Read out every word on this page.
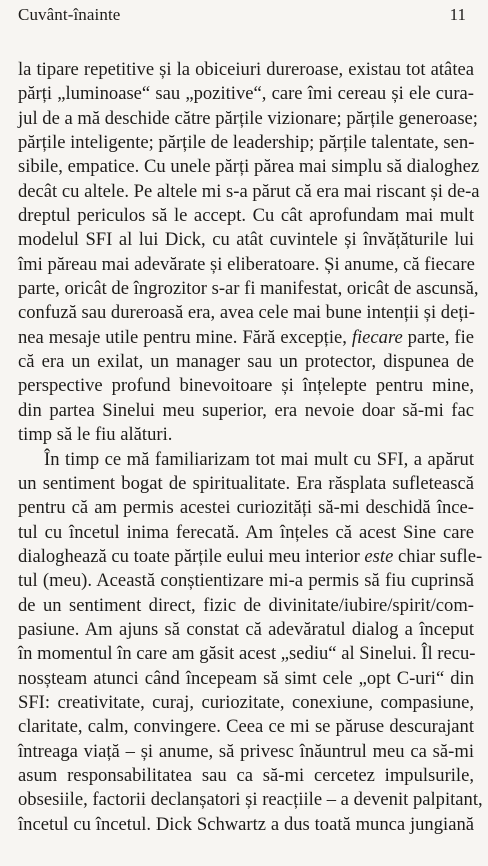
Cuvânt-înainte	11

la tipare repetitive și la obiceiuri dureroase, existau tot atâtea
părți „luminoase“ sau „pozitive“, care îmi cereau și ele cura-
jul de a mă deschide către părțile vizionare; părțile generoase;
părțile inteligente; părțile de leadership; părțile talentate, sen-
sibile, empatice. Cu unele părți părea mai simplu să dialoghez
decât cu altele. Pe altele mi s-a părut că era mai riscant și de-a
dreptul periculos să le accept. Cu cât aprofundam mai mult
modelul SFI al lui Dick, cu atât cuvintele și învățăturile lui
îmi păreau mai adevărate și eliberatoare. Și anume, că fiecare
parte, oricât de îngrozitor s-ar fi manifestat, oricât de ascunsă,
confuză sau dureroasă era, avea cele mai bune intenții și deți-
nea mesaje utile pentru mine. Fără excepție, fiecare parte, fie
că era un exilat, un manager sau un protector, dispunea de
perspective profund binevoitoare și înțelepte pentru mine,
din partea Sinelui meu superior, era nevoie doar să-mi fac
timp să le fiu alături.

În timp ce mă familiarizam tot mai mult cu SFI, a apărut
un sentiment bogat de spiritualitate. Era răsplata sufletească
pentru că am permis acestei curiozități să-mi deschidă înce-
tul cu încetul inima ferecată. Am înțeles că acest Sine care
dialoghează cu toate părțile eului meu interior este chiar sufle-
tul (meu). Această conștientizare mi-a permis să fiu cuprinsă
de un sentiment direct, fizic de divinitate/iubire/spirit/com-
pasiune. Am ajuns să constat că adevăratul dialog a început
în momentul în care am găsit acest „sediu“ al Sinelui. Îl recu-
nosșteam atunci când începeam să simt cele „opt C-uri“ din
SFI: creativitate, curaj, curiozitate, conexiune, compasiune,
claritate, calm, convingere. Ceea ce mi se păruse descurajant
întreaga viață – și anume, să privesc înăuntrul meu ca să-mi
asum responsabilitatea sau ca să-mi cercetez impulsurile,
obsesiile, factorii declanșatori și reacțiile – a devenit palpitant,
încetul cu încetul. Dick Schwartz a dus toată munca jungiană
